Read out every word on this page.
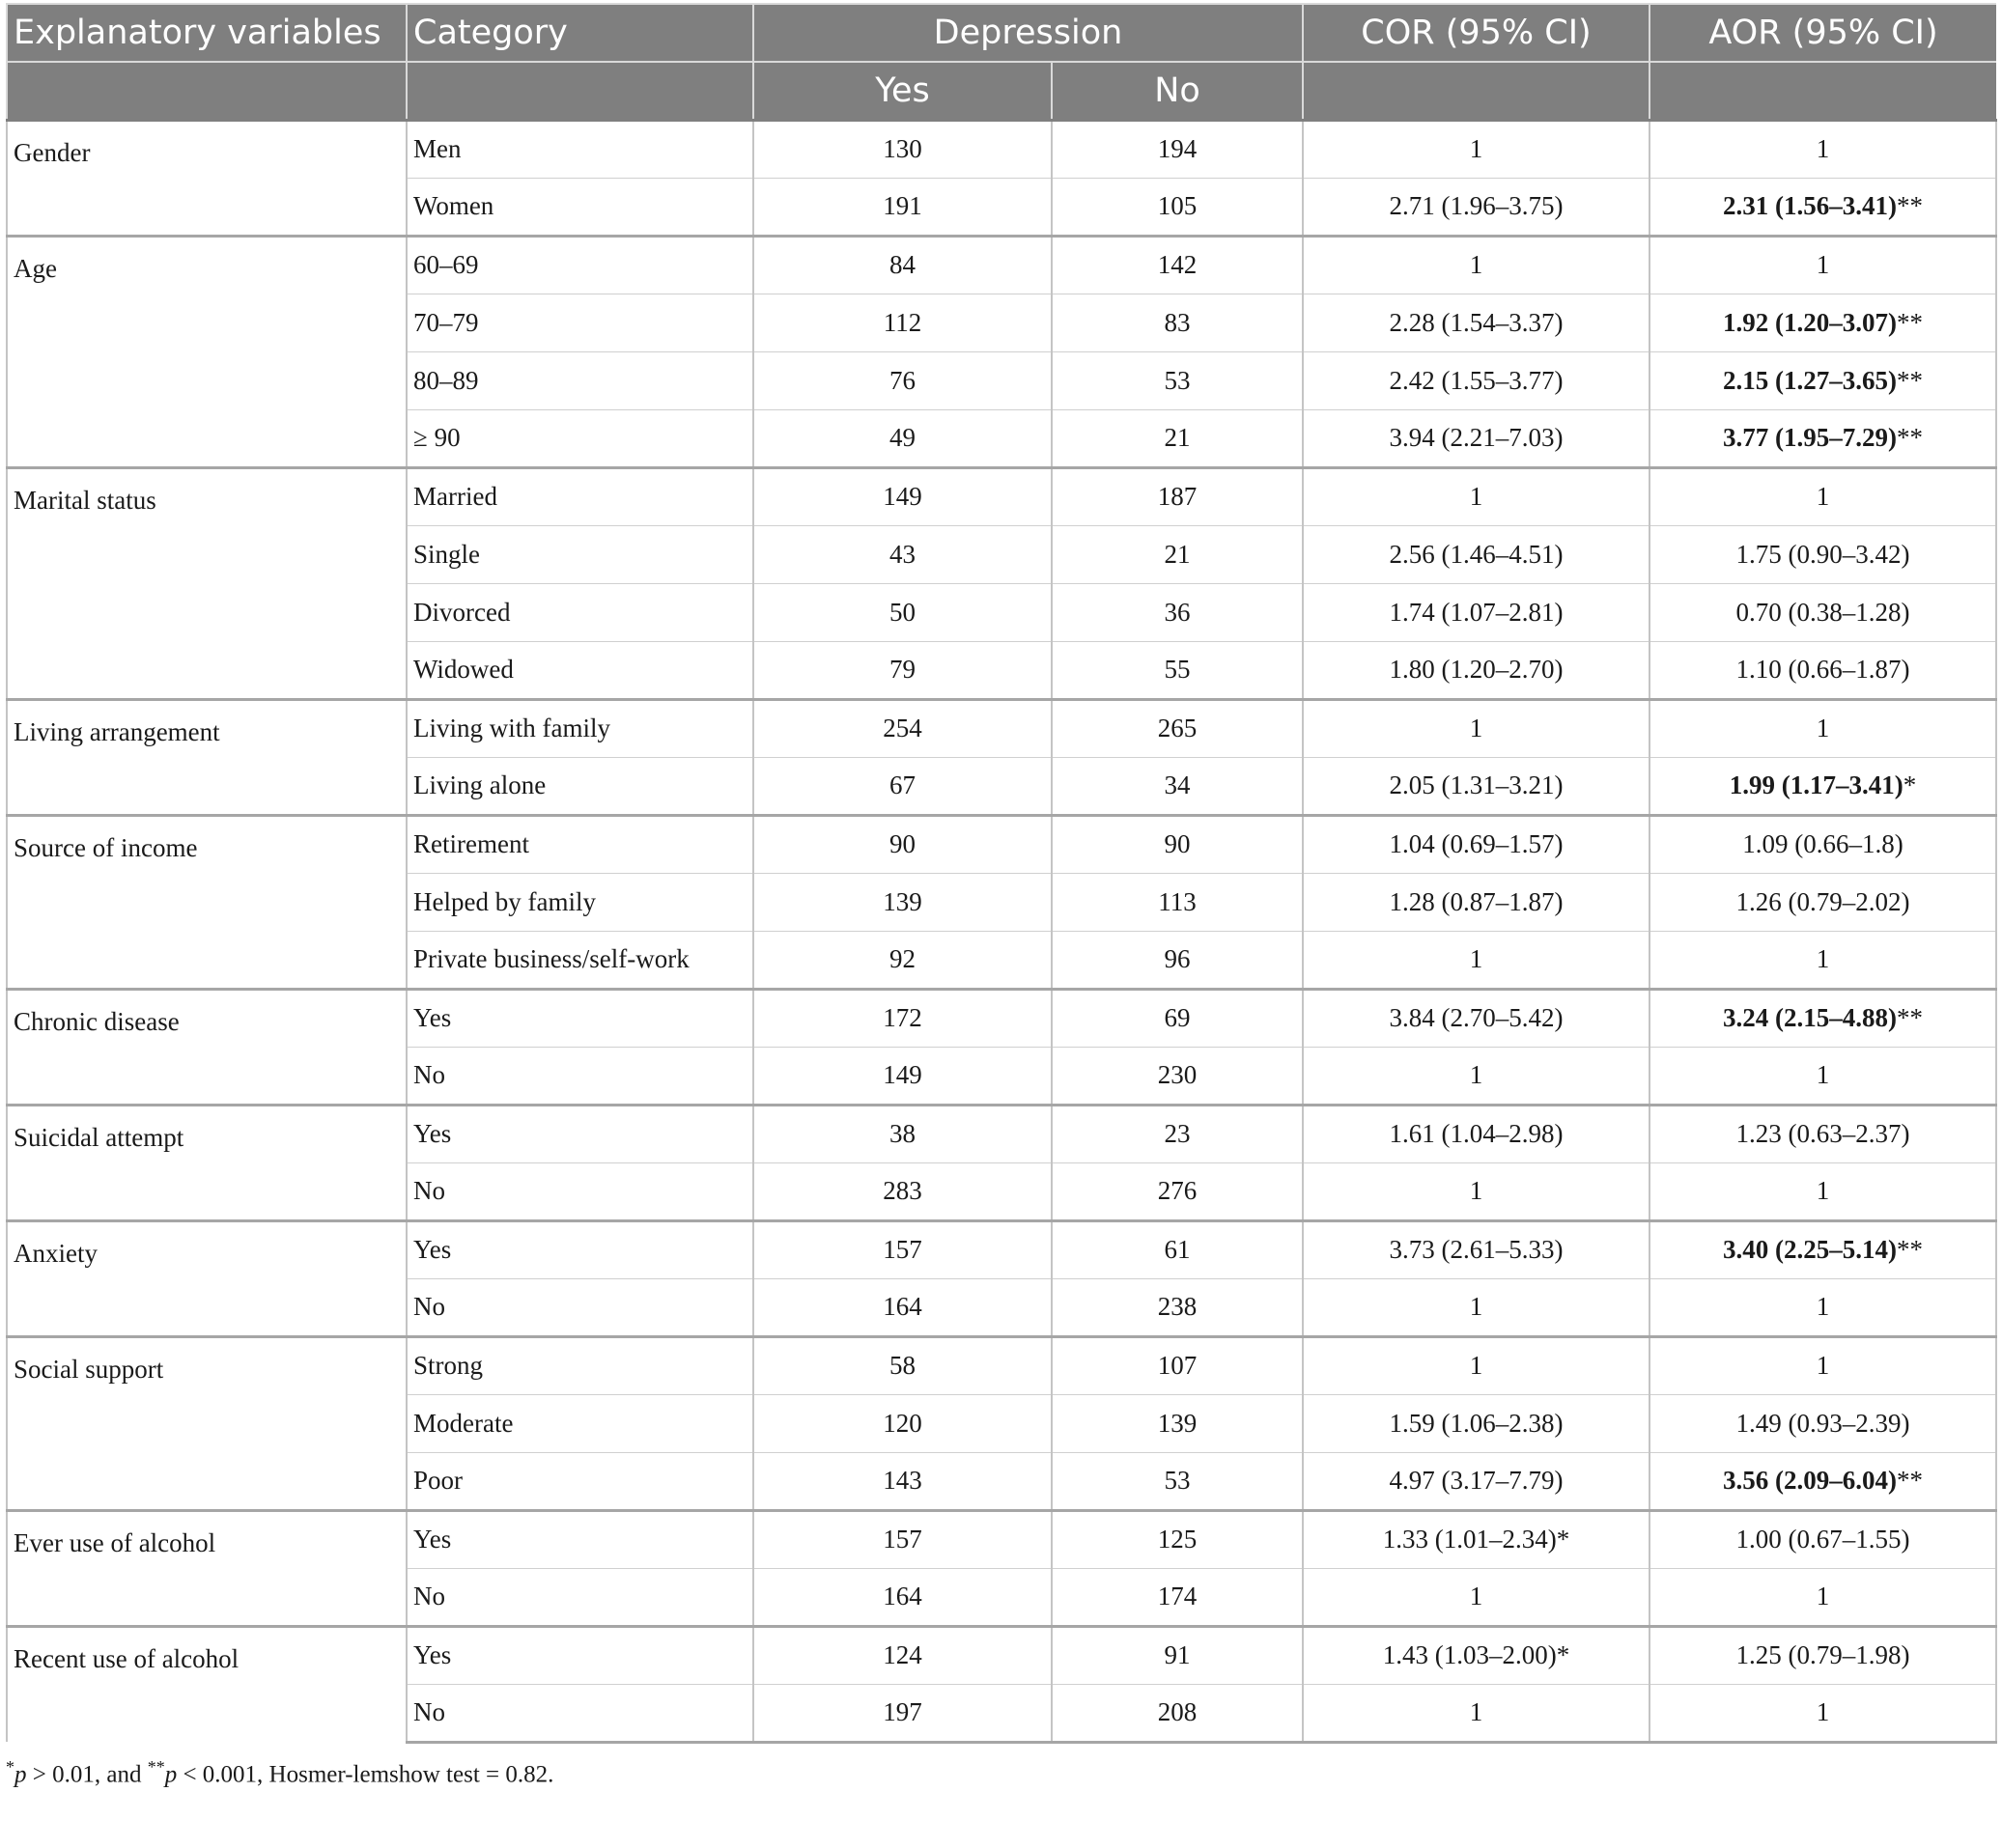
Explanatory variables	Category	Depression		COR (95% CI)	AOR (95% CI)
		Yes	No		
Gender	Men	130	194	1	1
	Women	191	105	2.71 (1.96–3.75)	2.31 (1.56–3.41)**
Age	60–69	84	142	1	1
	70–79	112	83	2.28 (1.54–3.37)	1.92 (1.20–3.07)**
	80–89	76	53	2.42 (1.55–3.77)	2.15 (1.27–3.65)**
	≥ 90	49	21	3.94 (2.21–7.03)	3.77 (1.95–7.29)**
Marital status	Married	149	187	1	1
	Single	43	21	2.56 (1.46–4.51)	1.75 (0.90–3.42)
	Divorced	50	36	1.74 (1.07–2.81)	0.70 (0.38–1.28)
	Widowed	79	55	1.80 (1.20–2.70)	1.10 (0.66–1.87)
Living arrangement	Living with family	254	265	1	1
	Living alone	67	34	2.05 (1.31–3.21)	1.99 (1.17–3.41)*
Source of income	Retirement	90	90	1.04 (0.69–1.57)	1.09 (0.66–1.8)
	Helped by family	139	113	1.28 (0.87–1.87)	1.26 (0.79–2.02)
	Private business/self-work	92	96	1	1
Chronic disease	Yes	172	69	3.84 (2.70–5.42)	3.24 (2.15–4.88)**
	No	149	230	1	1
Suicidal attempt	Yes	38	23	1.61 (1.04–2.98)	1.23 (0.63–2.37)
	No	283	276	1	1
Anxiety	Yes	157	61	3.73 (2.61–5.33)	3.40 (2.25–5.14)**
	No	164	238	1	1
Social support	Strong	58	107	1	1
	Moderate	120	139	1.59 (1.06–2.38)	1.49 (0.93–2.39)
	Poor	143	53	4.97 (3.17–7.79)	3.56 (2.09–6.04)**
Ever use of alcohol	Yes	157	125	1.33 (1.01–2.34)*	1.00 (0.67–1.55)
	No	164	174	1	1
Recent use of alcohol	Yes	124	91	1.43 (1.03–2.00)*	1.25 (0.79–1.98)
	No	197	208	1	1
*p > 0.01, and **p < 0.001, Hosmer-lemshow test = 0.82.
